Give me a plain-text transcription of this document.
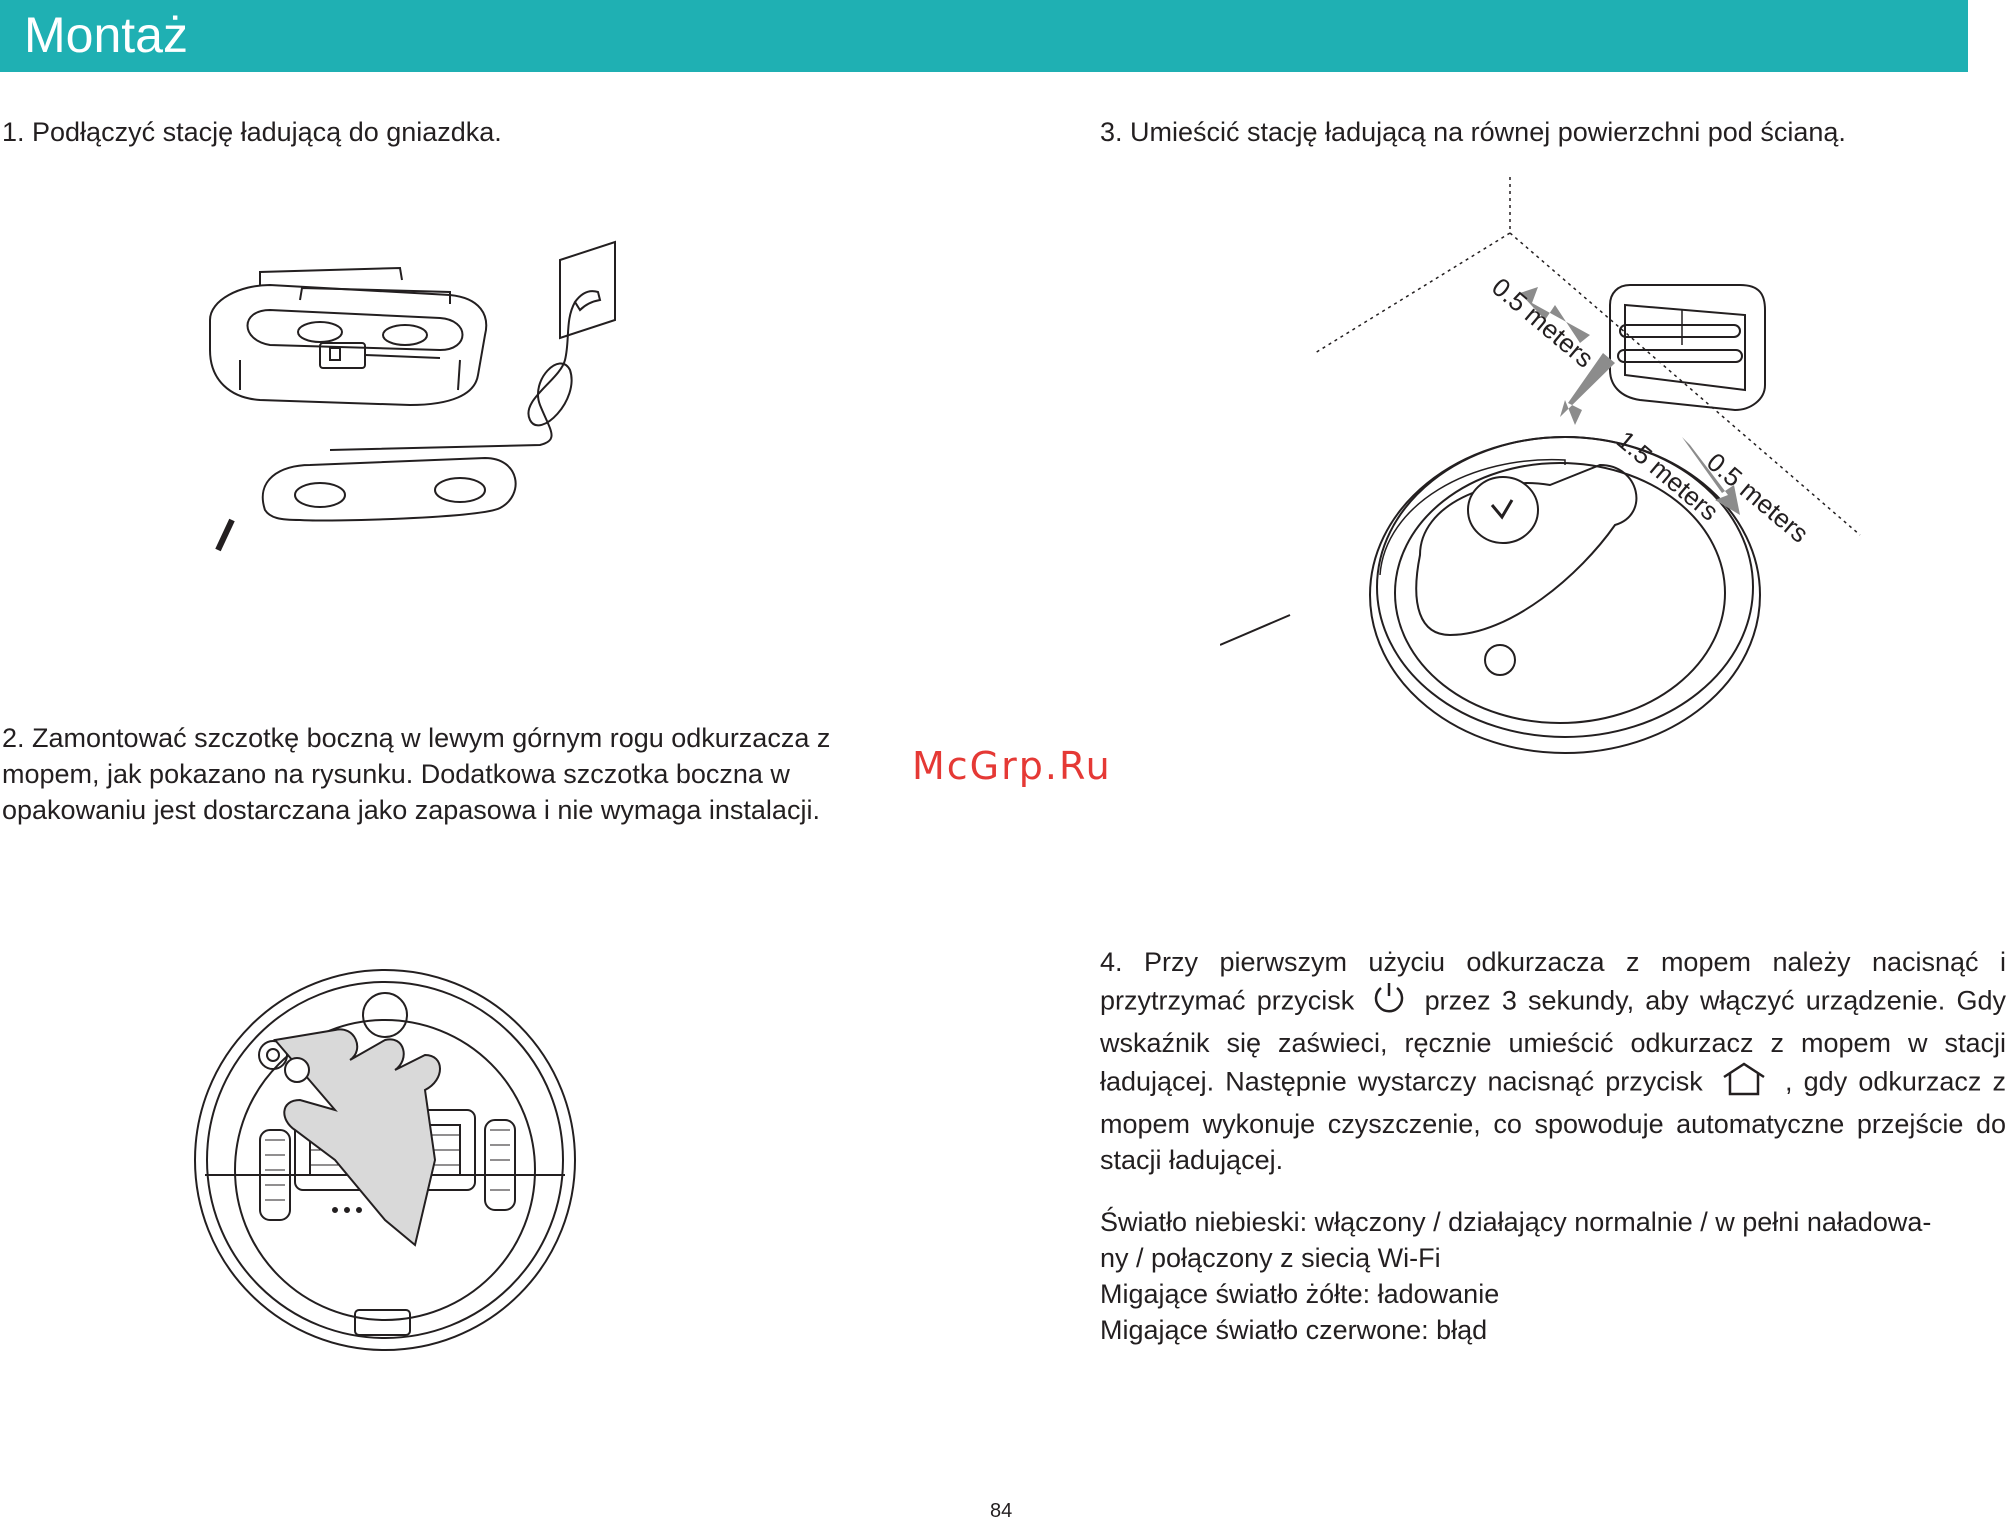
Montaż
1. Podłączyć stację ładującą do gniazdka.	3. Umieścić stację ładującą na równej powierzchni pod ścianą.
2. Zamontować szczotkę boczną w lewym górnym rogu odkurzacza z mopem, jak pokazano na rysunku. Dodatkowa szczotka boczna w opakowaniu jest dostarczana jako zapasowa i nie wymaga instalacji.
4. Przy pierwszym użyciu odkurzacza z mopem należy nacisnąć i przytrzymać przycisk	przez 3 sekundy, aby włączyć urządzenie. Gdy wskaźnik się zaświeci, ręcznie umieścić odkurzacz z mopem w stacji ładującej. Następnie wystarczy nacisnąć przycisk	, gdy odkurzacz z mopem wykonuje czyszczenie, co spowoduje automatyczne przejście do stacji ładującej.
Światło niebieski: włączony / działający normalnie / w pełni naładowa-
ny / połączony z siecią Wi-Fi
Migające światło żółte: ładowanie
Migające światło czerwone: błąd
McGrp.Ru
84
0.5 meters
1.5 meters
0.5 meters
